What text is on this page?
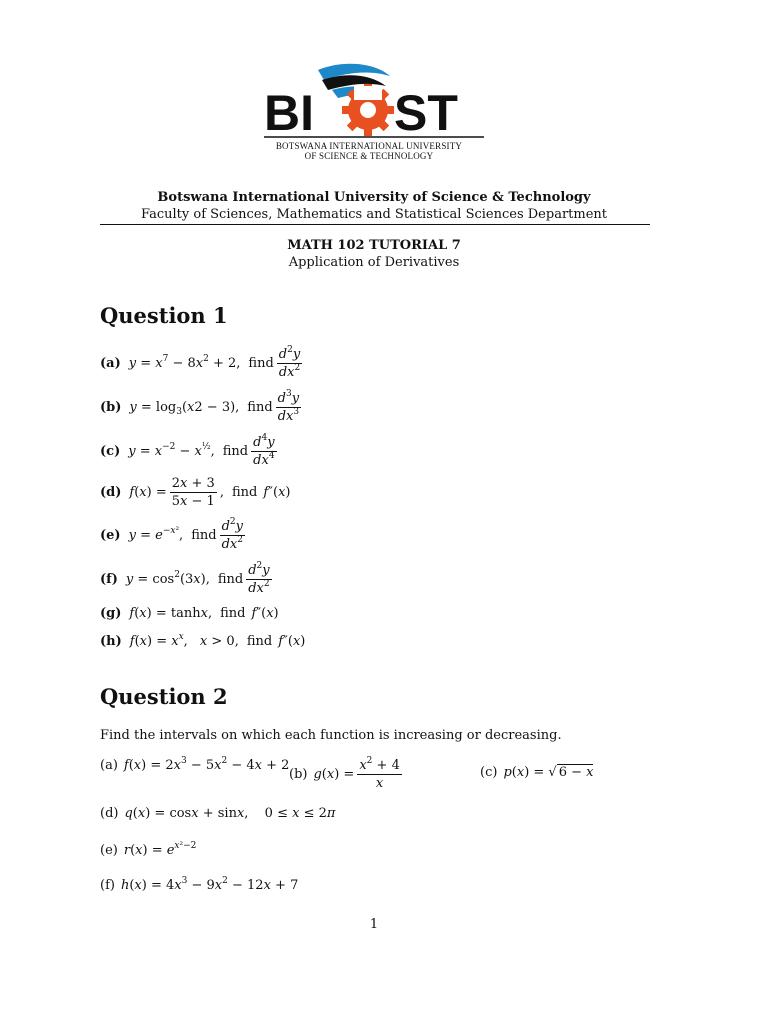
BI ST
BOTSWANA INTERNATIONAL UNIVERSITY
OF SCIENCE & TECHNOLOGY
Botswana International University of Science & Technology
Faculty of Sciences, Mathematics and Statistical Sciences Department
MATH 102 TUTORIAL 7
Application of Derivatives
Question 1
(a) $y = x^7 - 8x^2 + 2$, find $\frac{d^2y}{dx^2}$
(b) $y = \log_3(x2 - 3)$, find $\frac{d^3y}{dx^3}$
(c) $y = x^{-2} - x^{\frac{1}{2}}$, find $\frac{d^4y}{dx^4}$
(d) $f(x) = \frac{2x + 3}{5x - 1}$ , find f″(x)
(e) $y = e^{-x^2}$, find $\frac{d^2y}{dx^2}$
(f) $y = \cos^2(3x)$, find $\frac{d^2y}{dx^2}$
(g) f(x) = tanhx, find f″(x)
(h) $f(x) = x^x$, x > 0, find f″(x)
Question 2
Find the intervals on which each function is increasing or decreasing.
(a) $f(x) = 2x^3 - 5x^2 - 4x + 2$
(b) $g(x) = \frac{x^2 + 4}{x}$	(c) p(x) = √ 6 − x
(d) q(x) = cosx + sinx,  0 ≤ x ≤ 2π
(e) $r(x) = e^{x^2-2}$
(f) $h(x) = 4x^3 - 9x^2 - 12x + 7$
1
